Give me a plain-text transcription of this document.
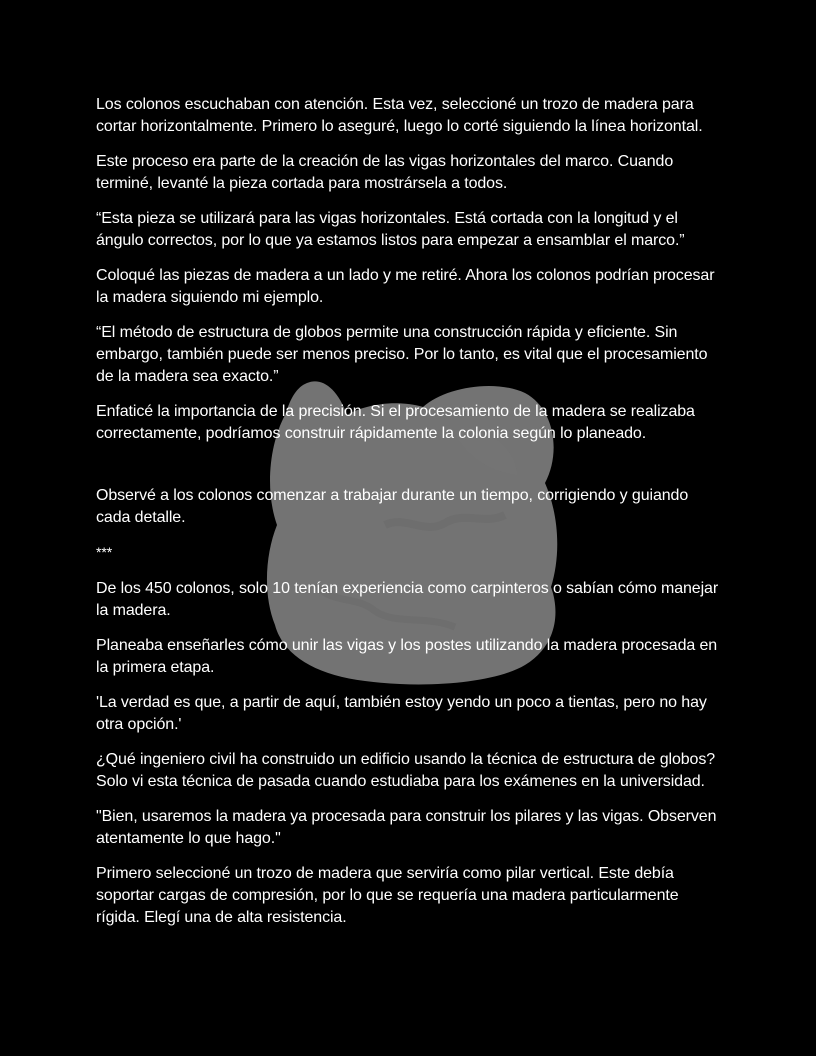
Los colonos escuchaban con atención. Esta vez, seleccioné un trozo de madera para cortar horizontalmente. Primero lo aseguré, luego lo corté siguiendo la línea horizontal.

Este proceso era parte de la creación de las vigas horizontales del marco. Cuando terminé, levanté la pieza cortada para mostrársela a todos.

“Esta pieza se utilizará para las vigas horizontales. Está cortada con la longitud y el ángulo correctos, por lo que ya estamos listos para empezar a ensamblar el marco.”

Coloqué las piezas de madera a un lado y me retiré. Ahora los colonos podrían procesar la madera siguiendo mi ejemplo.

“El método de estructura de globos permite una construcción rápida y eficiente. Sin embargo, también puede ser menos preciso. Por lo tanto, es vital que el procesamiento de la madera sea exacto.”

Enfaticé la importancia de la precisión. Si el procesamiento de la madera se realizaba correctamente, podríamos construir rápidamente la colonia según lo planeado.

Observé a los colonos comenzar a trabajar durante un tiempo, corrigiendo y guiando cada detalle.

***

De los 450 colonos, solo 10 tenían experiencia como carpinteros o sabían cómo manejar la madera.

Planeaba enseñarles cómo unir las vigas y los postes utilizando la madera procesada en la primera etapa.

'La verdad es que, a partir de aquí, también estoy yendo un poco a tientas, pero no hay otra opción.'

¿Qué ingeniero civil ha construido un edificio usando la técnica de estructura de globos? Solo vi esta técnica de pasada cuando estudiaba para los exámenes en la universidad.

"Bien, usaremos la madera ya procesada para construir los pilares y las vigas. Observen atentamente lo que hago."

Primero seleccioné un trozo de madera que serviría como pilar vertical. Este debía soportar cargas de compresión, por lo que se requería una madera particularmente rígida. Elegí una de alta resistencia.
